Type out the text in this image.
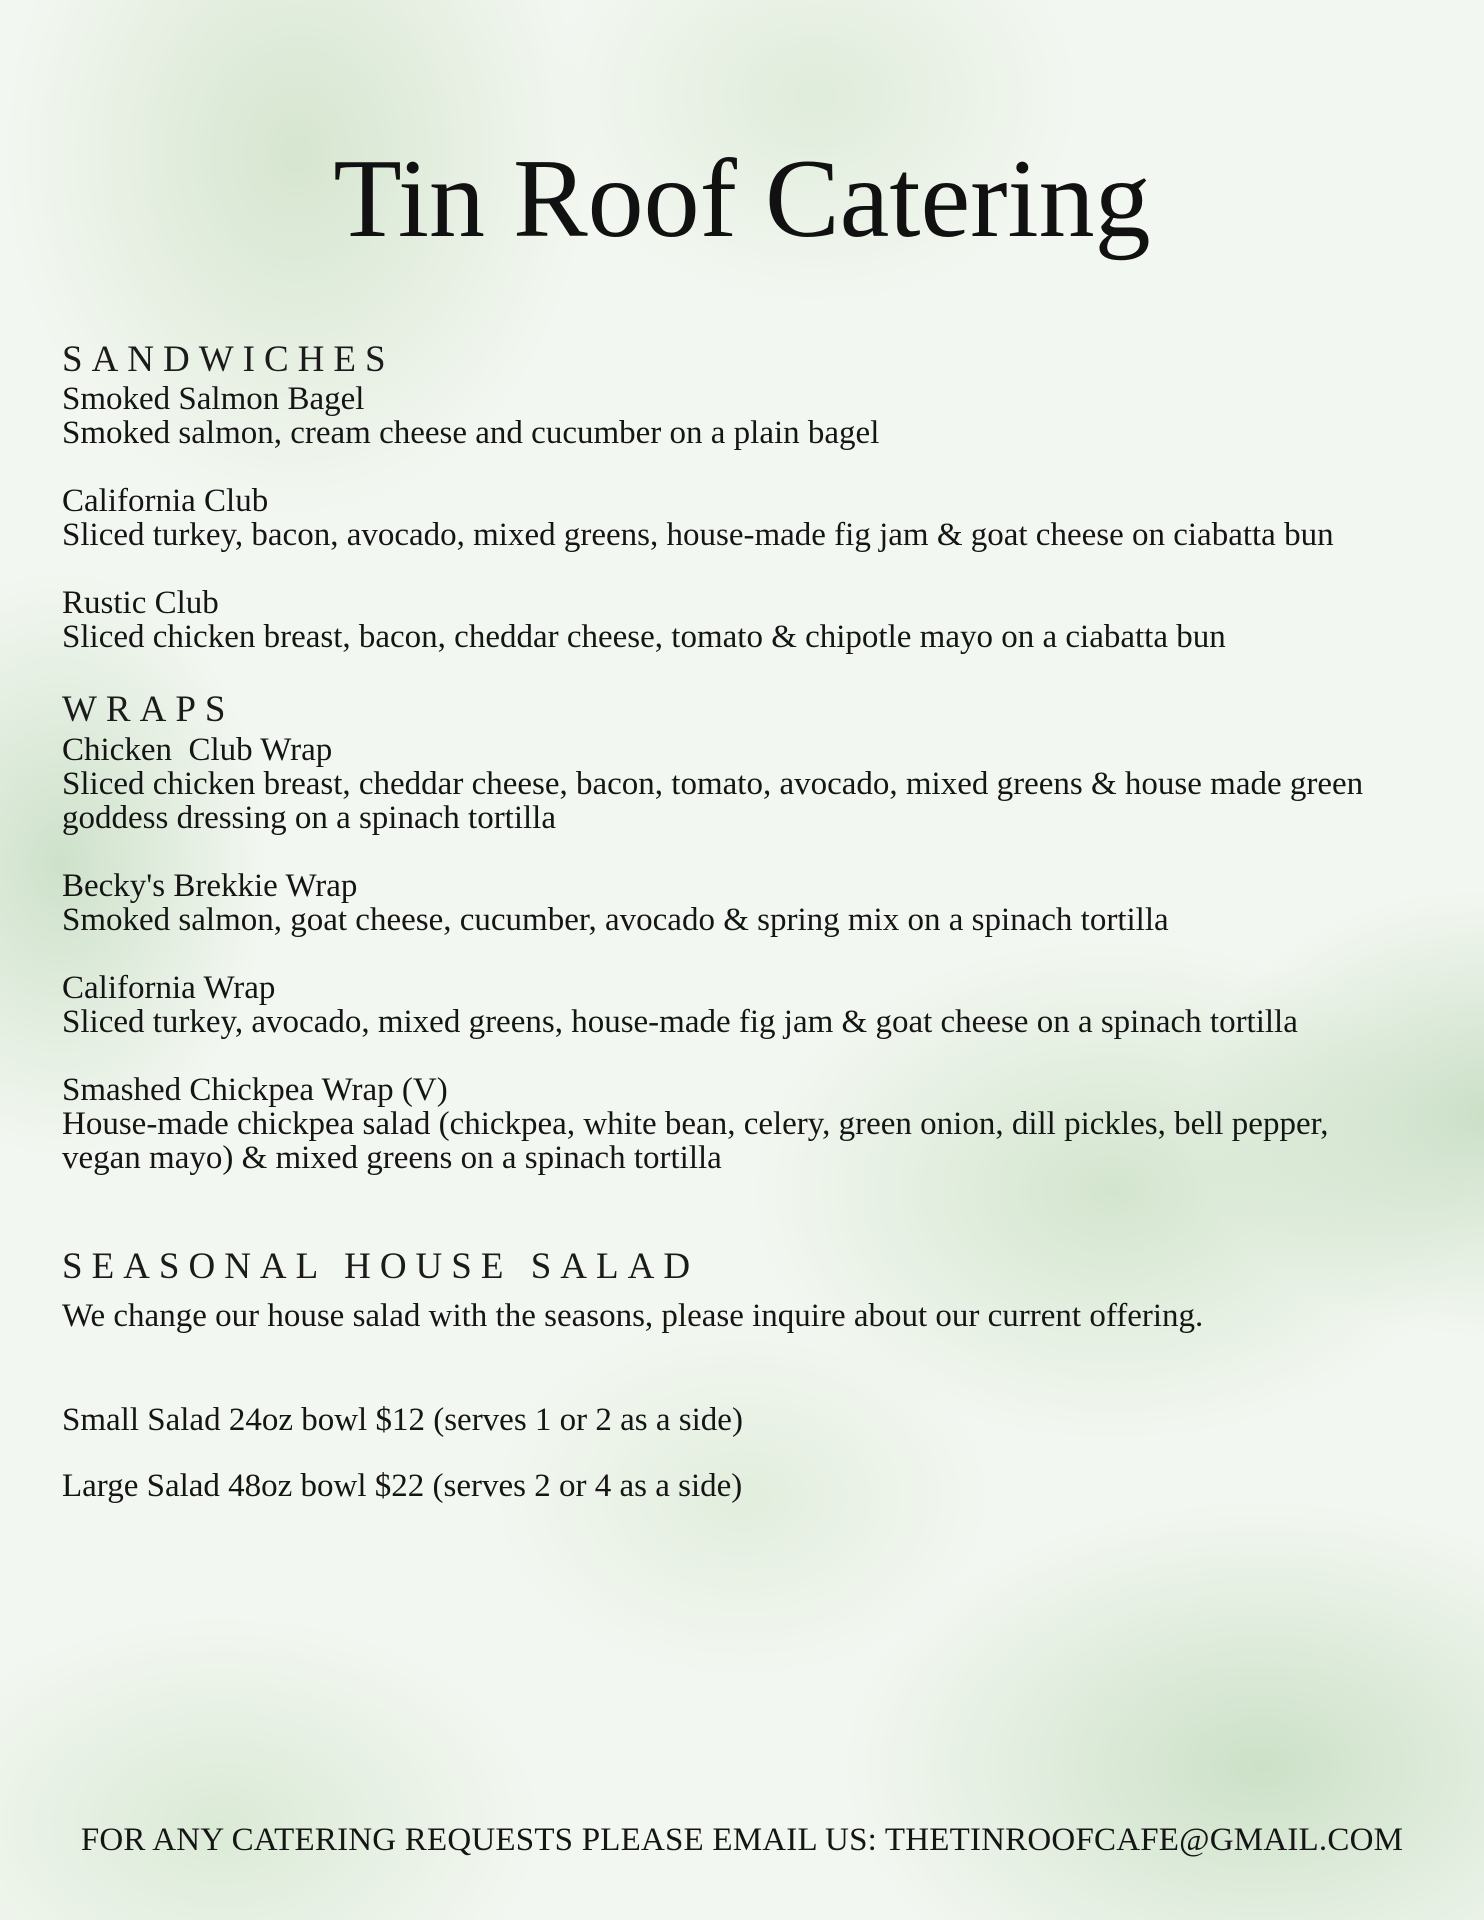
Tin Roof Catering
SANDWICHES
Smoked Salmon Bagel
Smoked salmon, cream cheese and cucumber on a plain bagel
California Club
Sliced turkey, bacon, avocado, mixed greens, house-made fig jam & goat cheese on ciabatta bun
Rustic Club
Sliced chicken breast, bacon, cheddar cheese, tomato & chipotle mayo on a ciabatta bun
WRAPS
Chicken  Club Wrap
Sliced chicken breast, cheddar cheese, bacon, tomato, avocado, mixed greens & house made green goddess dressing on a spinach tortilla
Becky's Brekkie Wrap
Smoked salmon, goat cheese, cucumber, avocado & spring mix on a spinach tortilla
California Wrap
Sliced turkey, avocado, mixed greens, house-made fig jam & goat cheese on a spinach tortilla
Smashed Chickpea Wrap (V)
House-made chickpea salad (chickpea, white bean, celery, green onion, dill pickles, bell pepper, vegan mayo) & mixed greens on a spinach tortilla
SEASONAL HOUSE SALAD
We change our house salad with the seasons, please inquire about our current offering.
Small Salad 24oz bowl $12 (serves 1 or 2 as a side)
Large Salad 48oz bowl $22 (serves 2 or 4 as a side)

FOR ANY CATERING REQUESTS PLEASE EMAIL US: THETINROOFCAFE@GMAIL.COM
